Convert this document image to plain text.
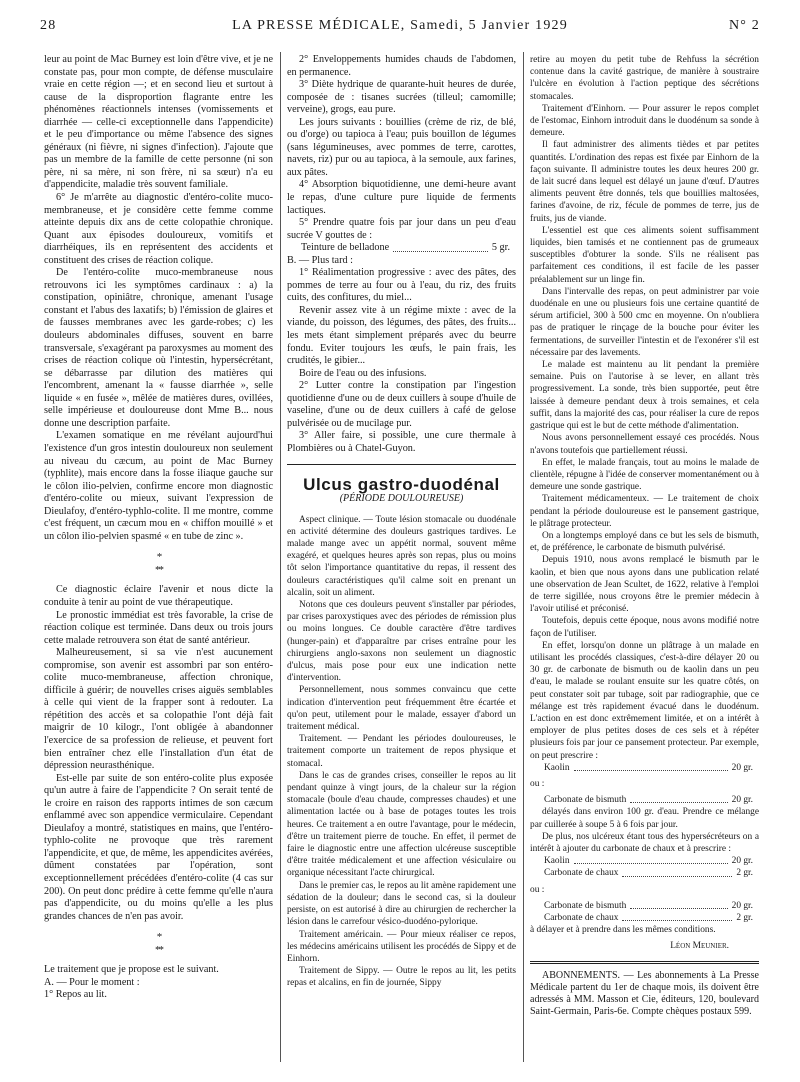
28	LA PRESSE MÉDICALE, Samedi, 5 Janvier 1929	N° 2

leur au point de Mac Burney est loin d'être vive, et je ne constate pas, pour mon compte, de défense musculaire vraie en cette région —; et en second lieu et surtout à cause de la disproportion flagrante entre les phénomènes réactionnels intenses (vomissements et diarrhée — celle-ci exceptionnelle dans l'appendicite) et le peu d'importance ou même l'absence des signes généraux (ni fièvre, ni signes d'infection). J'ajoute que pas un membre de la famille de cette personne (ni son père, ni sa mère, ni son frère, ni sa sœur) n'a eu d'appendicite, maladie très souvent familiale.

6° Je m'arrête au diagnostic d'entéro-colite muco-membraneuse, et je considère cette femme comme atteinte depuis dix ans de cette colopathie chronique. Quant aux épisodes douloureux, vomitifs et diarrhéiques, ils en représentent des accidents et constituent des crises de réaction colique.

De l'entéro-colite muco-membraneuse nous retrouvons ici les symptômes cardinaux : a) la constipation, opiniâtre, chronique, amenant l'usage constant et l'abus des laxatifs; b) l'émission de glaires et de fausses membranes avec les garde-robes; c) les douleurs abdominales diffuses, souvent en barre transversale, s'exagérant pa paroxysmes au moment des crises de réaction colique où l'intestin, hypersécrétant, se débarrasse par dilution des matières qui l'encombrent, amenant la « fausse diarrhée », selle liquide « en fusée », mêlée de matières dures, ovillées, selle impérieuse et douloureuse dont Mme B... nous donne une description parfaite.

L'examen somatique en me révélant aujourd'hui l'existence d'un gros intestin douloureux non seulement au niveau du cæcum, au point de Mac Burney (typhlite), mais encore dans la fosse iliaque gauche sur le côlon ilio-pelvien, confirme encore mon diagnostic d'entéro-colite ou mieux, suivant l'expression de Dieulafoy, d'entéro-typhlo-colite. Il me montre, comme c'est fréquent, un cæcum mou en « chiffon mouillé » et un côlon ilio-pelvien spasmé « en tube de zinc ».

*
**

Ce diagnostic éclaire l'avenir et nous dicte la conduite à tenir au point de vue thérapeutique.

Le pronostic immédiat est très favorable, la crise de réaction colique est terminée. Dans deux ou trois jours cette malade retrouvera son état de santé antérieur.

Malheureusement, si sa vie n'est aucunement compromise, son avenir est assombri par son entéro-colite muco-membraneuse, affection chronique, difficile à guérir; de nouvelles crises aiguës semblables à celle qui vient de la frapper sont à redouter. La répétition des accès et sa colopathie l'ont déjà fait maigrir de 10 kilogr., l'ont obligée à abandonner l'exercice de sa profession de relieuse, et peuvent fort bien entraîner chez elle l'installation d'un état de dépression neurasthénique.

Est-elle par suite de son entéro-colite plus exposée qu'un autre à faire de l'appendicite ? On serait tenté de le croire en raison des rapports intimes de son cæcum enflammé avec son appendice vermiculaire. Cependant Dieulafoy a montré, statistiques en mains, que l'entéro-typhlo-colite ne provoque que très rarement l'appendicite, et que, de même, les appendicites avérées, dûment constatées par l'opération, sont exceptionnellement précédées d'entéro-colite (4 cas sur 200). On peut donc prédire à cette femme qu'elle n'aura pas d'appendicite, ou du moins qu'elle a les plus grandes chances de n'en pas avoir.

*
**

Le traitement que je propose est le suivant.

A. — Pour le moment :

1° Repos au lit.

2° Enveloppements humides chauds de l'abdomen, en permanence.

3° Diète hydrique de quarante-huit heures de durée, composée de : tisanes sucrées (tilleul; camomille; verveine), grogs, eau pure.

Les jours suivants : bouillies (crème de riz, de blé, ou d'orge) ou tapioca à l'eau; puis bouillon de légumes (sans légumineuses, avec pommes de terre, carottes, navets, riz) pur ou au tapioca, à la semoule, aux farines, aux pâtes.

4° Absorption biquotidienne, une demi-heure avant le repas, d'une culture pure liquide de ferments lactiques.

5° Prendre quatre fois par jour dans un peu d'eau sucrée V gouttes de :

Teinture de belladone	5 gr.

B. — Plus tard :

1° Réalimentation progressive : avec des pâtes, des pommes de terre au four ou à l'eau, du riz, des fruits cuits, des confitures, du miel...

Revenir assez vite à un régime mixte : avec de la viande, du poisson, des légumes, des pâtes, des fruits... les mets étant simplement préparés avec du beurre fondu. Eviter toujours les œufs, le pain frais, les crudités, le gibier...

Boire de l'eau ou des infusions.

2° Lutter contre la constipation par l'ingestion quotidienne d'une ou de deux cuillers à soupe d'huile de vaseline, d'une ou de deux cuillers à café de gelose pulvérisée ou de mucilage pur.

3° Aller faire, si possible, une cure thermale à Plombières ou à Chatel-Guyon.

Ulcus gastro-duodénal
(PÉRIODE DOULOUREUSE)

Aspect clinique. — Toute lésion stomacale ou duodénale en activité détermine des douleurs gastriques tardives. Le malade mange avec un appétit normal, souvent même exagéré, et quelques heures après son repas, plus ou moins tôt selon l'importance quantitative du repas, il ressent des douleurs caractéristiques qu'il calme soit en prenant un alcalin, soit un aliment.

Notons que ces douleurs peuvent s'installer par périodes, par crises paroxystiques avec des périodes de rémission plus ou moins longues. Ce double caractère d'être tardives (hunger-pain) et d'apparaître par crises entraîne pour les chirurgiens anglo-saxons non seulement un diagnostic d'ulcus, mais pose pour eux une indication nette d'intervention.

Personnellement, nous sommes convaincu que cette indication d'intervention peut fréquemment être écartée et qu'on peut, utilement pour le malade, essayer d'abord un traitement médical.

Traitement. — Pendant les périodes douloureuses, le traitement comporte un traitement de repos physique et stomacal.

Dans le cas de grandes crises, conseiller le repos au lit pendant quinze à vingt jours, de la chaleur sur la région stomacale (boule d'eau chaude, compresses chaudes) et une alimentation lactée ou à base de potages toutes les trois heures. Ce traitement a en outre l'avantage, pour le médecin, d'être un traitement pierre de touche. En effet, il permet de faire le diagnostic entre une affection ulcéreuse susceptible d'être traitée médicalement et une affection vésiculaire ou organique nécessitant l'acte chirurgical.

Dans le premier cas, le repos au lit amène rapidement une sédation de la douleur; dans le second cas, si la douleur persiste, on est autorisé à dire au chirurgien de rechercher la lésion dans le carrefour vésico-duodéno-pylorique.

Traitement américain. — Pour mieux réaliser ce repos, les médecins américains utilisent les procédés de Sippy et de Einhorn.

Traitement de Sippy. — Outre le repos au lit, les petits repas et alcalins, en fin de journée, Sippy

retire au moyen du petit tube de Rehfuss la sécrétion contenue dans la cavité gastrique, de manière à soustraire l'ulcère en évolution à l'action peptique des sécrétions stomacales.

Traitement d'Einhorn. — Pour assurer le repos complet de l'estomac, Einhorn introduit dans le duodénum sa sonde à demeure.

Il faut administrer des aliments tièdes et par petites quantités. L'ordination des repas est fixée par Einhorn de la façon suivante. Il administre toutes les deux heures 200 gr. de lait sucré dans lequel est délayé un jaune d'œuf. D'autres aliments peuvent être donnés, tels que bouillies maltosées, farines d'avoine, de riz, fécule de pommes de terre, jus de fruits, jus de viande.

L'essentiel est que ces aliments soient suffisamment liquides, bien tamisés et ne contiennent pas de grumeaux susceptibles d'obturer la sonde. S'ils ne réalisent pas parfaitement ces conditions, il est facile de les passer préalablement sur un linge fin.

Dans l'intervalle des repas, on peut administrer par voie duodénale en une ou plusieurs fois une certaine quantité de sérum artificiel, 300 à 500 cmc en moyenne. On n'oubliera pas de pratiquer le rinçage de la bouche pour éviter les fermentations, de surveiller l'intestin et de l'exonérer s'il est nécessaire par des lavements.

Le malade est maintenu au lit pendant la première semaine. Puis on l'autorise à se lever, en allant très progressivement. La sonde, très bien supportée, peut être laissée à demeure pendant deux à trois semaines, et cela suffit, dans la majorité des cas, pour réaliser la cure de repos gastrique qui est le but de cette méthode d'alimentation.

Nous avons personnellement essayé ces procédés. Nous n'avons toutefois que partiellement réussi.

En effet, le malade français, tout au moins le malade de clientèle, répugne à l'idée de conserver momentanément ou à demeure une sonde gastrique.

Traitement médicamenteux. — Le traitement de choix pendant la période douloureuse est le pansement gastrique, le plâtrage protecteur.

On a longtemps employé dans ce but les sels de bismuth, et, de préférence, le carbonate de bismuth pulvérisé.

Depuis 1910, nous avons remplacé le bismuth par le kaolin, et bien que nous ayons dans une publication relaté une observation de Jean Scultet, de 1622, relative à l'emploi de terre sigillée, nous croyons être le premier médecin à l'avoir utilisé et préconisé.

Toutefois, depuis cette époque, nous avons modifié notre façon de l'utiliser.

En effet, lorsqu'on donne un plâtrage à un malade en utilisant les procédés classiques, c'est-à-dire délayer 20 ou 30 gr. de carbonate de bismuth ou de kaolin dans un peu d'eau, le malade se roulant ensuite sur les quatre côtés, on peut constater soit par tubage, soit par radiographie, que ce mélange est très rapidement évacué dans le duodénum. L'action en est donc extrêmement limitée, et on a intérêt à employer de plus petites doses de ces sels et à répéter plusieurs fois par jour ce pansement protecteur. Par exemple, on peut prescrire :

Kaolin	20 gr.
ou :
Carbonate de bismuth	20 gr.

délayés dans environ 100 gr. d'eau. Prendre ce mélange par cuillerée à soupe 5 à 6 fois par jour.

De plus, nos ulcéreux étant tous des hypersécréteurs on a intérêt à ajouter du carbonate de chaux et à prescrire :

Kaolin	20 gr.
Carbonate de chaux	2 gr.
ou :
Carbonate de bismuth	20 gr.
Carbonate de chaux	2 gr.

à délayer et à prendre dans les mêmes conditions.

Léon Meunier.

ABONNEMENTS. — Les abonnements à La Presse Médicale partent du 1er de chaque mois, ils doivent être adressés à MM. Masson et Cie, éditeurs, 120, boulevard Saint-Germain, Paris-6e. Compte chèques postaux 599.
